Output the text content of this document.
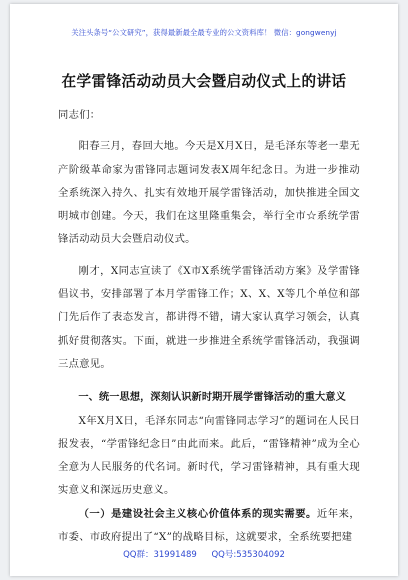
关注头条号“公文研究”，获得最新最全最专业的公文资料库！ 微信：gongwenyj
在学雷锋活动动员大会暨启动仪式上的讲话

同志们：

阳春三月，春回大地。今天是X月X日，是毛泽东等老一辈无产阶级革命家为雷锋同志题词发表X周年纪念日。为进一步推动全系统深入持久、扎实有效地开展学雷锋活动，加快推进全国文明城市创建。今天，我们在这里隆重集会，举行全市☆系统学雷锋活动动员大会暨启动仪式。

刚才，X同志宣读了《X市X系统学雷锋活动方案》及学雷锋倡议书，安排部署了本月学雷锋工作；X、X、X等几个单位和部门先后作了表态发言，都讲得不错，请大家认真学习领会，认真抓好贯彻落实。下面，就进一步推进全系统学雷锋活动，我强调三点意见。

一、统一思想，深刻认识新时期开展学雷锋活动的重大意义

X年X月X日，毛泽东同志“向雷锋同志学习”的题词在人民日报发表，“学雷锋纪念日”由此而来。此后，“雷锋精神”成为全心全意为人民服务的代名词。新时代，学习雷锋精神，具有重大现实意义和深远历史意义。

（一）是建设社会主义核心价值体系的现实需要。近年来，市委、市政府提出了“X”的战略目标，这就要求，全系统要把建

QQ群：31991489 QQ号:535304092
